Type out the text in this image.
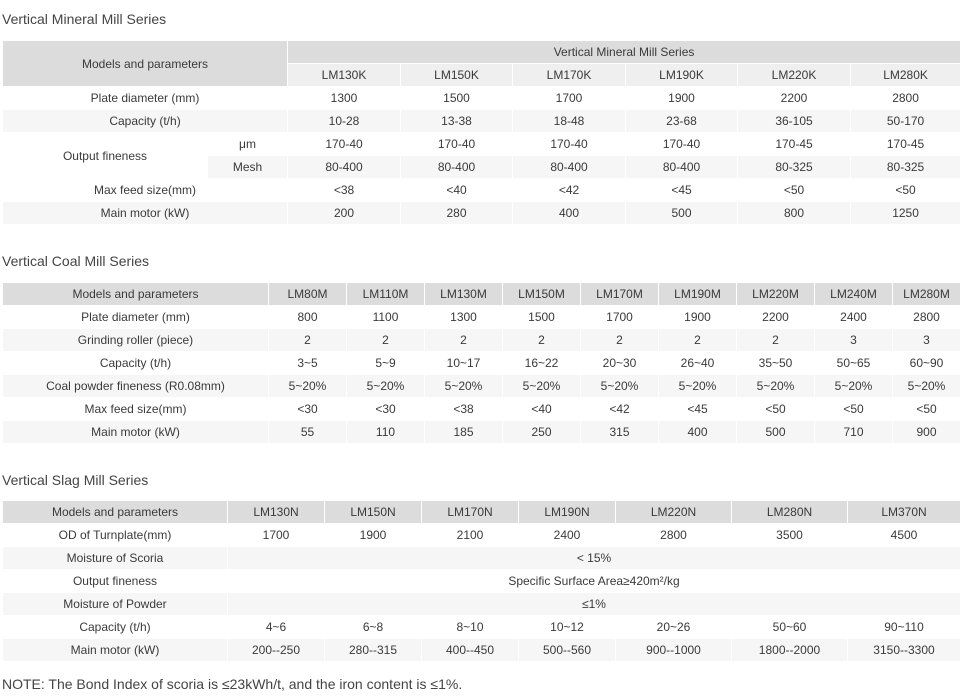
Vertical Mineral Mill Series
Models and parameters		Vertical Mineral Mill Series					
		LM130K	LM150K	LM170K	LM190K	LM220K	LM280K
Plate diameter (mm)		1300	1500	1700	1900	2200	2800
Capacity (t/h)		10-28	13-38	18-48	23-68	36-105	50-170
Output fineness	μm	170-40	170-40	170-40	170-40	170-45	170-45
	Mesh	80-400	80-400	80-400	80-400	80-325	80-325
Max feed size(mm)		<38	<40	<42	<45	<50	<50
Main motor (kW)		200	280	400	500	800	1250
Vertical Coal Mill Series
Models and parameters	LM80M	LM110M	LM130M	LM150M	LM170M	LM190M	LM220M	LM240M	LM280M
Plate diameter (mm)	800	1100	1300	1500	1700	1900	2200	2400	2800
Grinding roller (piece)	2	2	2	2	2	2	2	3	3
Capacity (t/h)	3~5	5~9	10~17	16~22	20~30	26~40	35~50	50~65	60~90
Coal powder fineness (R0.08mm)	5~20%	5~20%	5~20%	5~20%	5~20%	5~20%	5~20%	5~20%	5~20%
Max feed size(mm)	<30	<30	<38	<40	<42	<45	<50	<50	<50
Main motor (kW)	55	110	185	250	315	400	500	710	900
Vertical Slag Mill Series
Models and parameters	LM130N	LM150N	LM170N	LM190N	LM220N	LM280N	LM370N
OD of Turnplate(mm)	1700	1900	2100	2400	2800	3500	4500
Moisture of Scoria	< 15%						
Output fineness	Specific Surface Area≥420m²/kg						
Moisture of Powder	≤1%						
Capacity (t/h)	4~6	6~8	8~10	10~12	20~26	50~60	90~110
Main motor (kW)	200--250	280--315	400--450	500--560	900--1000	1800--2000	3150--3300

NOTE: The Bond Index of scoria is ≤23kWh/t, and the iron content is ≤1%.
